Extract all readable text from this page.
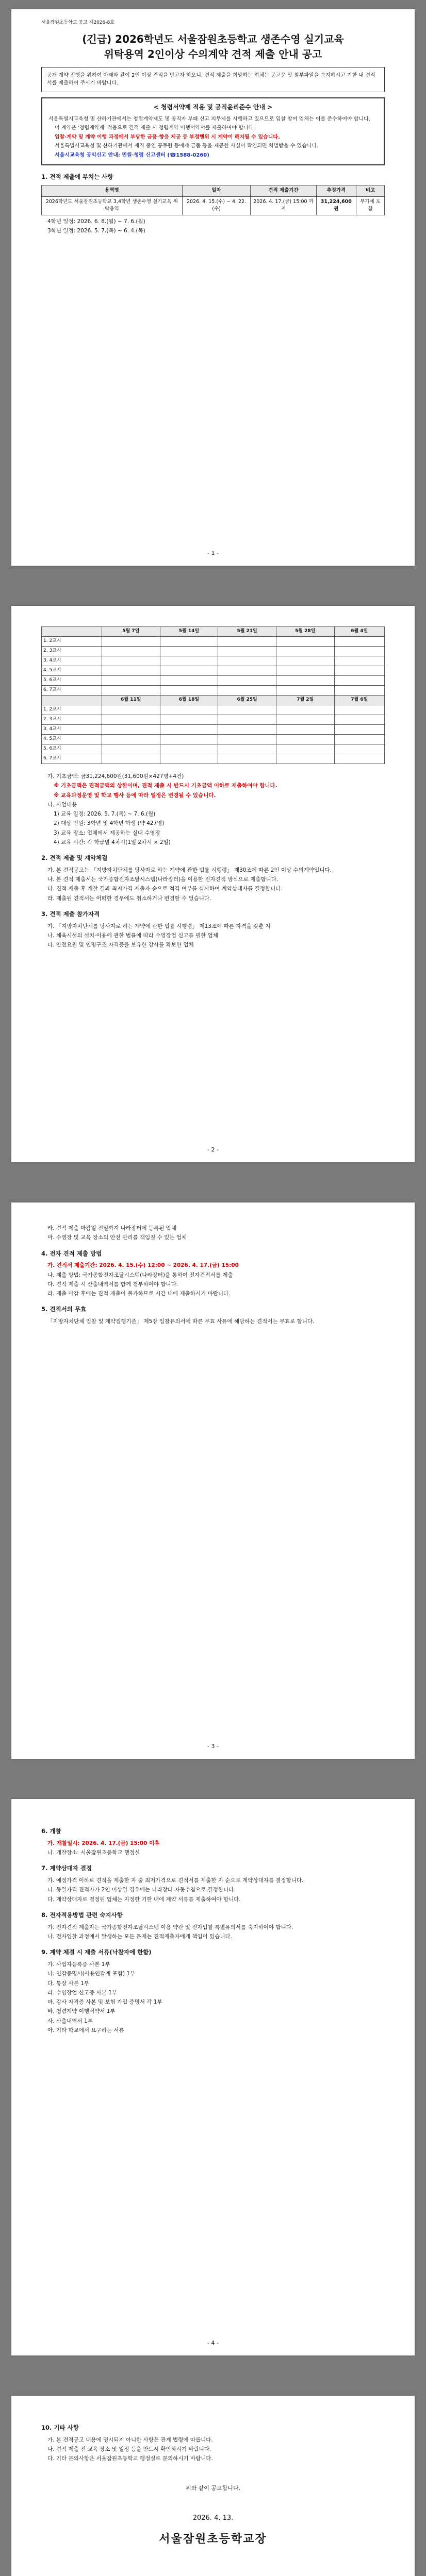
서울잠원초등학교 공고 제2026-8호
(긴급) 2026학년도 서울잠원초등학교 생존수영 실기교육
위탁용역 2인이상 수의계약 견적 제출 안내 공고
공개 계약 진행을 위하여 아래와 같이 2인 이상 견적을 받고자 하오니, 견적 제출을 희망하는 업체는 공고문 및 첨부파일을 숙지하시고 기한 내 견적서를 제출하여 주시기 바랍니다.
< 청렴서약제 적용 및 공직윤리준수 안내 >
서울특별시교육청 및 산하기관에서는 청렴계약제도 및 공직자 부패 신고 의무제를 시행하고 있으므로 입찰 참여 업체는 이를 준수하여야 합니다.
이 계약은 '청렴계약제' 적용으로 견적 제출 시 청렴계약 이행서약서를 제출하여야 합니다.
입찰·계약 및 계약 이행 과정에서 부당한 금품·향응 제공 등 부정행위 시 계약이 해지될 수 있습니다.
서울특별시교육청 및 산하기관에서 재직 중인 공무원 등에게 금품 등을 제공한 사실이 확인되면 처벌받을 수 있습니다.
서울시교육청 공익신고 안내: 민원·청렴 신고센터 (☎1588-0260)
1. 견적 제출에 부치는 사항
용역명	일자	견적 제출기간	추정가격	비고
2026학년도 서울잠원초등학교 3,4학년 생존수영 실기교육 위탁용역	2026. 4. 15.(수) ~ 4. 22.(수)	2026. 4. 17.(금) 15:00 까지	31,224,600원	부가세 포함
4학년 일정: 2026. 6. 8.(월) ~ 7. 6.(월)
3학년 일정: 2026. 5. 7.(목) ~ 6. 4.(목)
- 1 -
	5월 7일	5월 14일	5월 21일	5월 28일	6월 4일
1. 2교시					
2. 3교시					
3. 4교시					
4. 5교시					
5. 6교시					
6. 7교시					
	6월 11일	6월 18일	6월 25일	7월 2일	7월 6일
1. 2교시					
2. 3교시					
3. 4교시					
4. 5교시					
5. 6교시					
6. 7교시					
가. 기초금액: 금31,224,600원(31,600원×427명+4건)
※ 기초금액은 견적금액의 상한이며, 견적 제출 시 반드시 기초금액 이하로 제출하여야 합니다.
※ 교육과정운영 및 학교 행사 등에 따라 일정은 변경될 수 있습니다.
나. 사업내용
1) 교육 일정: 2026. 5. 7.(목) ~ 7. 6.(월)
2) 대상 인원: 3학년 및 4학년 학생 (약 427명)
3) 교육 장소: 업체에서 제공하는 실내 수영장
4) 교육 시간: 각 학급별 4차시(1일 2차시 × 2일)
2. 견적 제출 및 계약체결
가. 본 견적공고는 「지방자치단체를 당사자로 하는 계약에 관한 법률 시행령」 제30조에 따른 2인 이상 수의계약입니다.
나. 본 견적 제출서는 국가종합전자조달시스템(나라장터)을 이용한 전자견적 방식으로 제출합니다.
다. 견적 제출 후 개찰 결과 최저가격 제출자 순으로 적격 여부를 심사하여 계약상대자를 결정합니다.
라. 제출된 견적서는 어떠한 경우에도 취소하거나 변경할 수 없습니다.
3. 견적 제출 참가자격
가. 「지방자치단체를 당사자로 하는 계약에 관한 법률 시행령」 제13조에 따른 자격을 갖춘 자
나. 체육시설의 설치·이용에 관한 법률에 따라 수영장업 신고를 필한 업체
다. 안전요원 및 인명구조 자격증을 보유한 강사를 확보한 업체
- 2 -
라. 견적 제출 마감일 전일까지 나라장터에 등록된 업체
마. 수영장 및 교육 장소의 안전 관리를 책임질 수 있는 업체
4. 전자 견적 제출 방법
가. 견적서 제출기간: 2026. 4. 15.(수) 12:00 ~ 2026. 4. 17.(금) 15:00
나. 제출 방법: 국가종합전자조달시스템(나라장터)을 통하여 전자견적서를 제출
다. 견적 제출 시 산출내역서를 함께 첨부하여야 합니다.
라. 제출 마감 후에는 견적 제출이 불가하므로 시간 내에 제출하시기 바랍니다.
5. 견적서의 무효
「지방자치단체 입찰 및 계약집행기준」 제5장 입찰유의서에 따른 무효 사유에 해당하는 견적서는 무효로 합니다.
- 3 -
6. 개찰
가. 개찰일시: 2026. 4. 17.(금) 15:00 이후
나. 개찰장소: 서울잠원초등학교 행정실
7. 계약상대자 결정
가. 예정가격 이하로 견적을 제출한 자 중 최저가격으로 견적서를 제출한 자 순으로 계약상대자를 결정합니다.
나. 동일가격 견적자가 2인 이상일 경우에는 나라장터 자동추첨으로 결정합니다.
다. 계약상대자로 결정된 업체는 지정한 기한 내에 계약 서류를 제출하여야 합니다.
8. 전자적용방법 관련 숙지사항
가. 전자견적 제출자는 국가종합전자조달시스템 이용 약관 및 전자입찰 특별유의서를 숙지하여야 합니다.
나. 전자입찰 과정에서 발생하는 모든 문제는 견적제출자에게 책임이 있습니다.
9. 계약 체결 시 제출 서류(낙찰자에 한함)
가. 사업자등록증 사본 1부
나. 인감증명서(사용인감계 포함) 1부
다. 통장 사본 1부
라. 수영장업 신고증 사본 1부
마. 강사 자격증 사본 및 보험 가입 증명서 각 1부
바. 청렴계약 이행서약서 1부
사. 산출내역서 1부
아. 기타 학교에서 요구하는 서류
- 4 -
10. 기타 사항
가. 본 견적공고 내용에 명시되지 아니한 사항은 관계 법령에 따릅니다.
나. 견적 제출 전 교육 장소 및 일정 등을 반드시 확인하시기 바랍니다.
다. 기타 문의사항은 서울잠원초등학교 행정실로 문의하시기 바랍니다.
위와 같이 공고합니다.
2026. 4. 13.
서울잠원초등학교장
